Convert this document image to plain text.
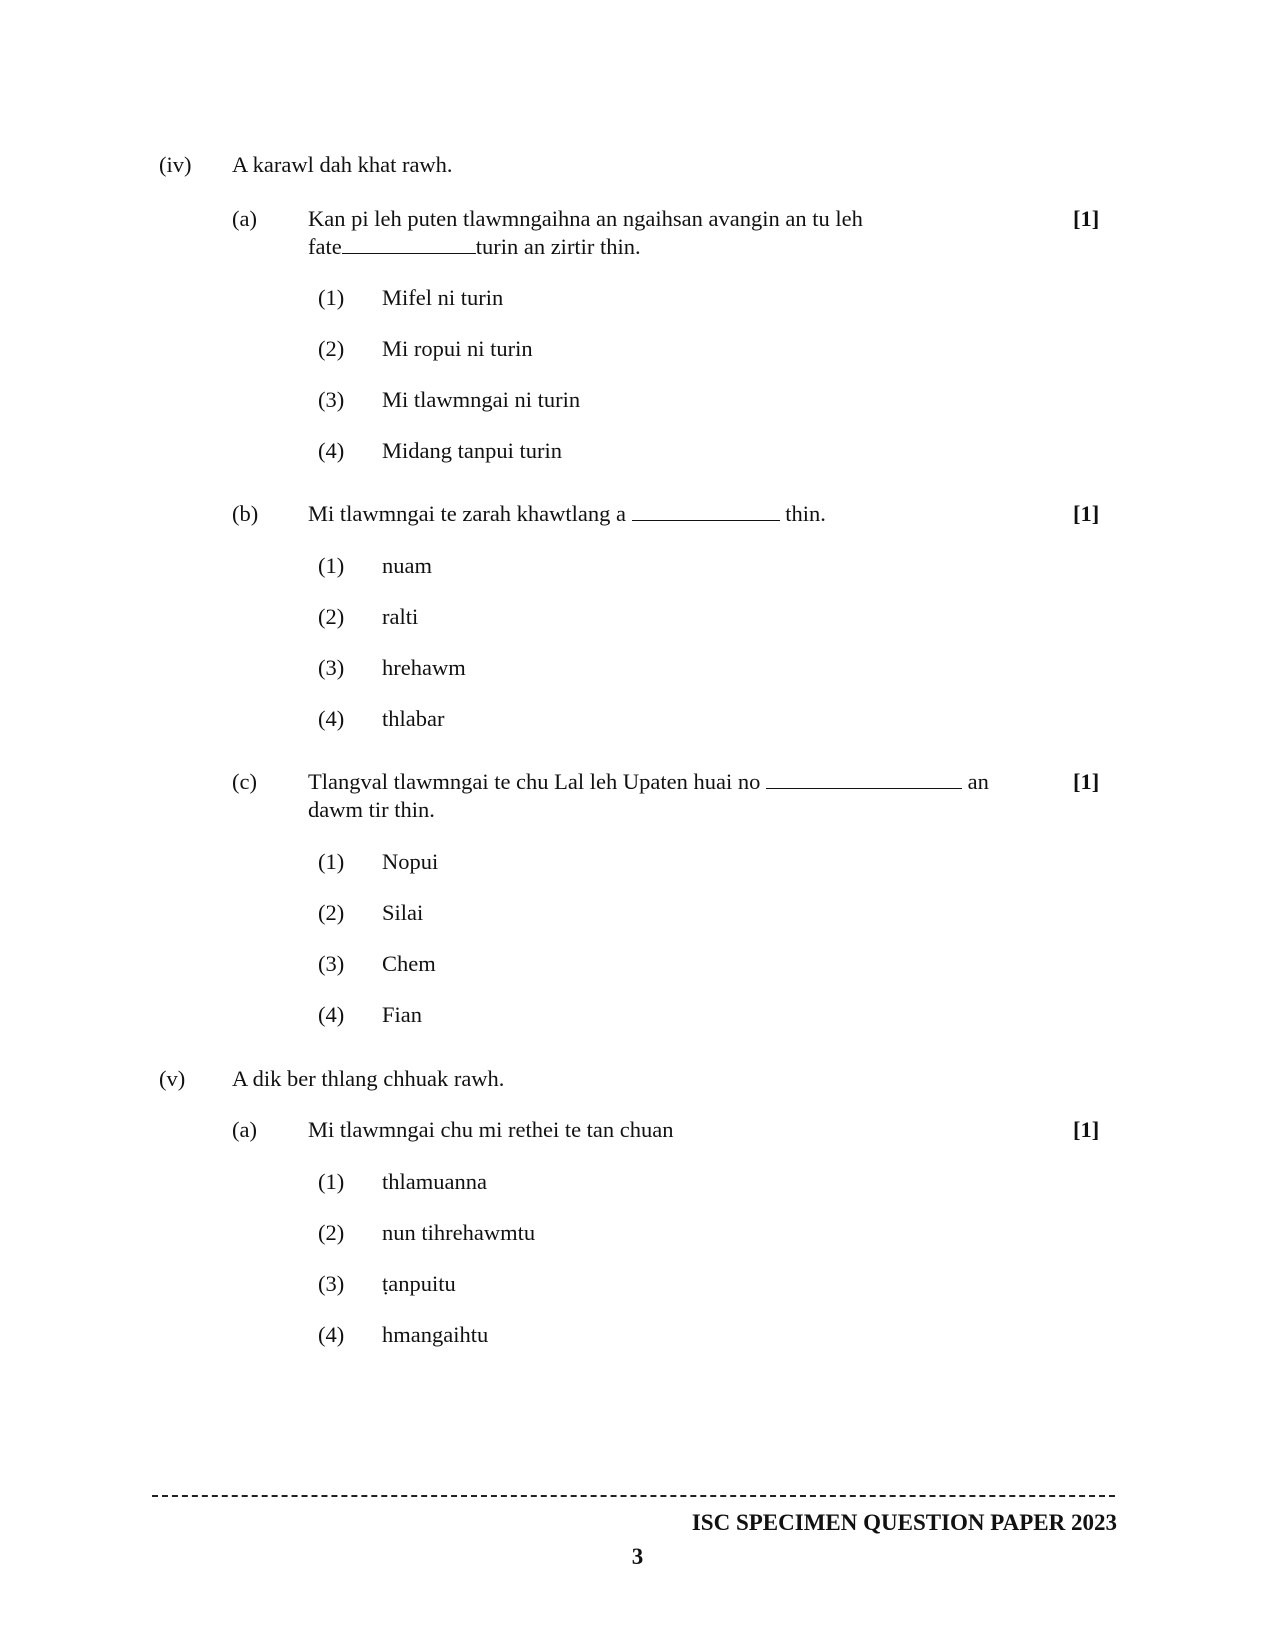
(iv) A karawl dah khat rawh.
(a) Kan pi leh puten tlawmngaihna an ngaihsan avangin an tu leh
fate	turin an zirtir thin.
[1]
(1) Mifel ni turin
(2) Mi ropui ni turin
(3) Mi tlawmngai ni turin
(4) Midang tanpui turin
(b) Mi tlawmngai te zarah khawtlang a	thin.	[1]
(1) nuam
(2) ralti
(3) hrehawm
(4) thlabar
(c) Tlangval tlawmngai te chu Lal leh Upaten huai no	an
dawm tir thin.
[1]
(1) Nopui
(2) Silai
(3) Chem
(4) Fian
(v) A dik ber thlang chhuak rawh.
(a) Mi tlawmngai chu mi rethei te tan chuan	[1]
(1) thlamuanna
(2) nun tihrehawmtu
(3) ṭanpuitu
(4) hmangaihtu
ISC SPECIMEN QUESTION PAPER 2023
3
